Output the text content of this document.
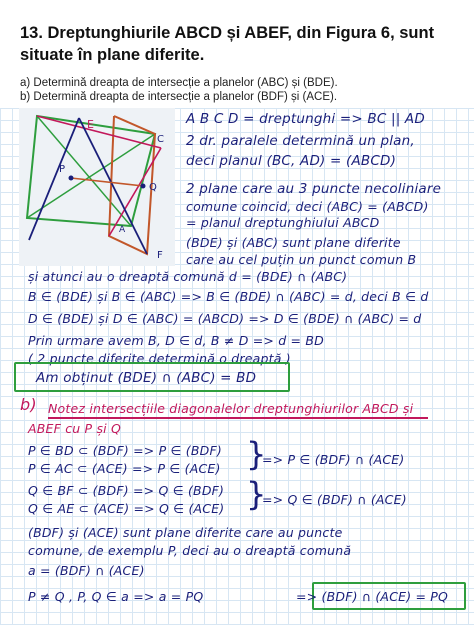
13. Dreptunghiurile ABCD și ABEF, din Figura 6, sunt
situate în plane diferite.
a) Determină dreapta de intersecție a planelor (ABC) și (BDE).
b) Determină dreapta de intersecție a planelor (BDF) și (ACE).
E
C
P
Q
A
F
A B C D = dreptunghi => BC || AD
2 dr. paralele determină un plan,
deci planul (BC, AD) = (ABCD)
2 plane care au 3 puncte necoliniare
comune coincid, deci (ABC) = (ABCD)
= planul dreptunghiului ABCD
(BDE) și (ABC) sunt plane diferite
care au cel puțin un punct comun B
și atunci au o dreaptă comună d = (BDE) ∩ (ABC)
B ∈ (BDE) și B ∈ (ABC) => B ∈ (BDE) ∩ (ABC) = d, deci B ∈ d
D ∈ (BDE) și D ∈ (ABC) = (ABCD) => D ∈ (BDE) ∩ (ABC) = d
Prin urmare avem B, D ∈ d, B ≠ D => d = BD
( 2 puncte diferite determină o dreaptă )
Am obținut (BDE) ∩ (ABC) = BD
b) Notez intersecțiile diagonalelor dreptunghiurilor ABCD și
ABEF cu P și Q
P ∈ BD ⊂ (BDF) => P ∈ (BDF)
P ∈ AC ⊂ (ACE) => P ∈ (ACE) }
=> P ∈ (BDF) ∩ (ACE)
Q ∈ BF ⊂ (BDF) => Q ∈ (BDF)
Q ∈ AE ⊂ (ACE) => Q ∈ (ACE) }
=> Q ∈ (BDF) ∩ (ACE)
(BDF) și (ACE) sunt plane diferite care au puncte
comune, de exemplu P, deci au o dreaptă comună
a = (BDF) ∩ (ACE)
P ≠ Q , P, Q ∈ a => a = PQ	=> (BDF) ∩ (ACE) = PQ
